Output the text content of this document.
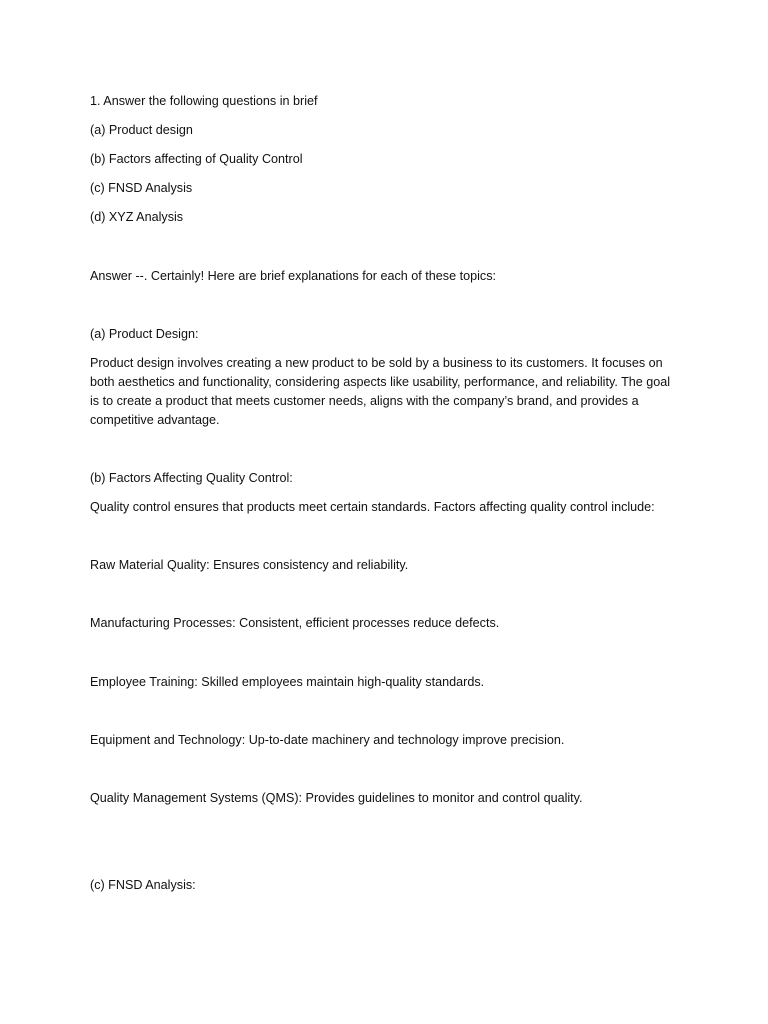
1. Answer the following questions in brief
(a) Product design
(b) Factors affecting of Quality Control
(c) FNSD Analysis
(d) XYZ Analysis
Answer --. Certainly! Here are brief explanations for each of these topics:
(a) Product Design:
Product design involves creating a new product to be sold by a business to its customers. It focuses on both aesthetics and functionality, considering aspects like usability, performance, and reliability. The goal is to create a product that meets customer needs, aligns with the company’s brand, and provides a competitive advantage.
(b) Factors Affecting Quality Control:
Quality control ensures that products meet certain standards. Factors affecting quality control include:
Raw Material Quality: Ensures consistency and reliability.
Manufacturing Processes: Consistent, efficient processes reduce defects.
Employee Training: Skilled employees maintain high-quality standards.
Equipment and Technology: Up-to-date machinery and technology improve precision.
Quality Management Systems (QMS): Provides guidelines to monitor and control quality.
(c) FNSD Analysis:
